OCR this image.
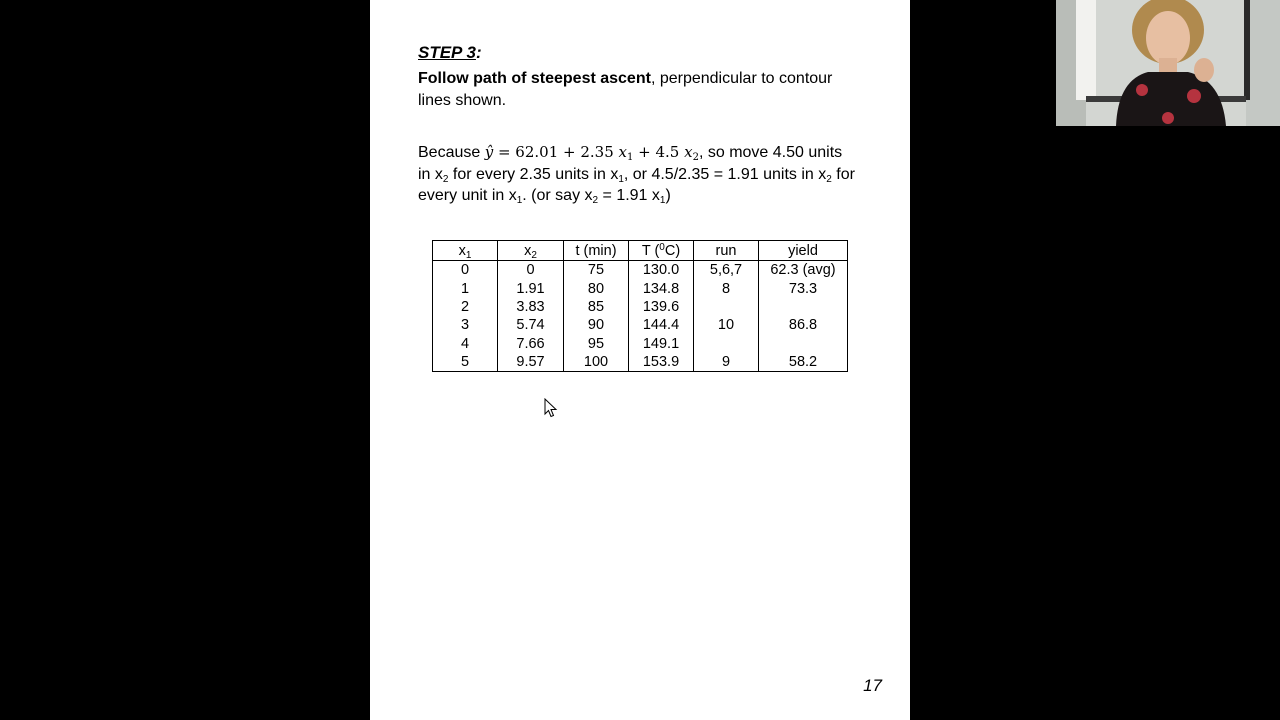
STEP 3:
Follow path of steepest ascent, perpendicular to contour lines shown.
Because ŷ = 62.01 + 2.35 $x_1 + 4.5$ $x_2$, so move 4.50 units in $x_2$ for every 2.35 units in $x_1$, or 4.5/2.35 = 1.91 units in $x_2$ for every unit in $x_1$. (or say $x_2 = 1.91$ $x_1$)
$x_1$	$x_2$	t (min)	T ($^0$C)	run	yield
0	0	75	130.0	5,6,7	62.3 (avg)
1	1.91	80	134.8	8	73.3
2	3.83	85	139.6		
3	5.74	90	144.4	10	86.8
4	7.66	95	149.1		
5	9.57	100	153.9	9	58.2
17
